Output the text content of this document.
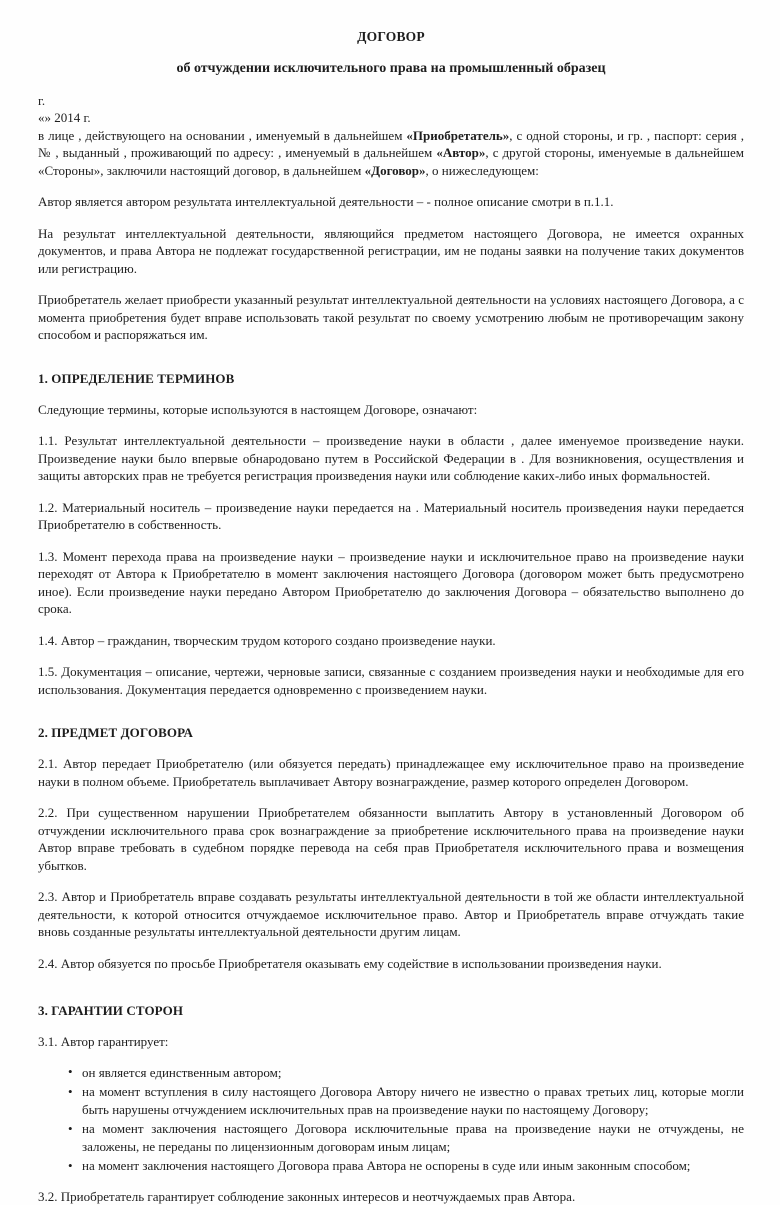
ДОГОВОР
об отчуждении исключительного права на промышленный образец
г.
«» 2014 г.
в лице , действующего на основании , именуемый в дальнейшем «Приобретатель», с одной стороны, и гр. , паспорт: серия , № , выданный , проживающий по адресу: , именуемый в дальнейшем «Автор», с другой стороны, именуемые в дальнейшем «Стороны», заключили настоящий договор, в дальнейшем «Договор», о нижеследующем:

Автор является автором результата интеллектуальной деятельности – - полное описание смотри в п.1.1.

На результат интеллектуальной деятельности, являющийся предметом настоящего Договора, не имеется охранных документов, и права Автора не подлежат государственной регистрации, им не поданы заявки на получение таких документов или регистрацию.

Приобретатель желает приобрести указанный результат интеллектуальной деятельности на условиях настоящего Договора, а с момента приобретения будет вправе использовать такой результат по своему усмотрению любым не противоречащим закону способом и распоряжаться им.

1. ОПРЕДЕЛЕНИЕ ТЕРМИНОВ

Следующие термины, которые используются в настоящем Договоре, означают:

1.1. Результат интеллектуальной деятельности – произведение науки в области , далее именуемое произведение науки. Произведение науки было впервые обнародовано путем в Российской Федерации в . Для возникновения, осуществления и защиты авторских прав не требуется регистрация произведения науки или соблюдение каких-либо иных формальностей.

1.2. Материальный носитель – произведение науки передается на . Материальный носитель произведения науки передается Приобретателю в собственность.

1.3. Момент перехода права на произведение науки – произведение науки и исключительное право на произведение науки переходят от Автора к Приобретателю в момент заключения настоящего Договора (договором может быть предусмотрено иное). Если произведение науки передано Автором Приобретателю до заключения Договора – обязательство выполнено до срока.

1.4. Автор – гражданин, творческим трудом которого создано произведение науки.

1.5. Документация – описание, чертежи, черновые записи, связанные с созданием произведения науки и необходимые для его использования. Документация передается одновременно с произведением науки.

2. ПРЕДМЕТ ДОГОВОРА

2.1. Автор передает Приобретателю (или обязуется передать) принадлежащее ему исключительное право на произведение науки в полном объеме. Приобретатель выплачивает Автору вознаграждение, размер которого определен Договором.

2.2. При существенном нарушении Приобретателем обязанности выплатить Автору в установленный Договором об отчуждении исключительного права срок вознаграждение за приобретение исключительного права на произведение науки Автор вправе требовать в судебном порядке перевода на себя прав Приобретателя исключительного права и возмещения убытков.

2.3. Автор и Приобретатель вправе создавать результаты интеллектуальной деятельности в той же области интеллектуальной деятельности, к которой относится отчуждаемое исключительное право. Автор и Приобретатель вправе отчуждать такие вновь созданные результаты интеллектуальной деятельности другим лицам.

2.4. Автор обязуется по просьбе Приобретателя оказывать ему содействие в использовании произведения науки.

3. ГАРАНТИИ СТОРОН

3.1. Автор гарантирует:

• он является единственным автором;
• на момент вступления в силу настоящего Договора Автору ничего не известно о правах третьих лиц, которые могли быть нарушены отчуждением исключительных прав на произведение науки по настоящему Договору;
• на момент заключения настоящего Договора исключительные права на произведение науки не отчуждены, не заложены, не переданы по лицензионным договорам иным лицам;
• на момент заключения настоящего Договора права Автора не оспорены в суде или иным законным способом;

3.2. Приобретатель гарантирует соблюдение законных интересов и неотчуждаемых прав Автора.
